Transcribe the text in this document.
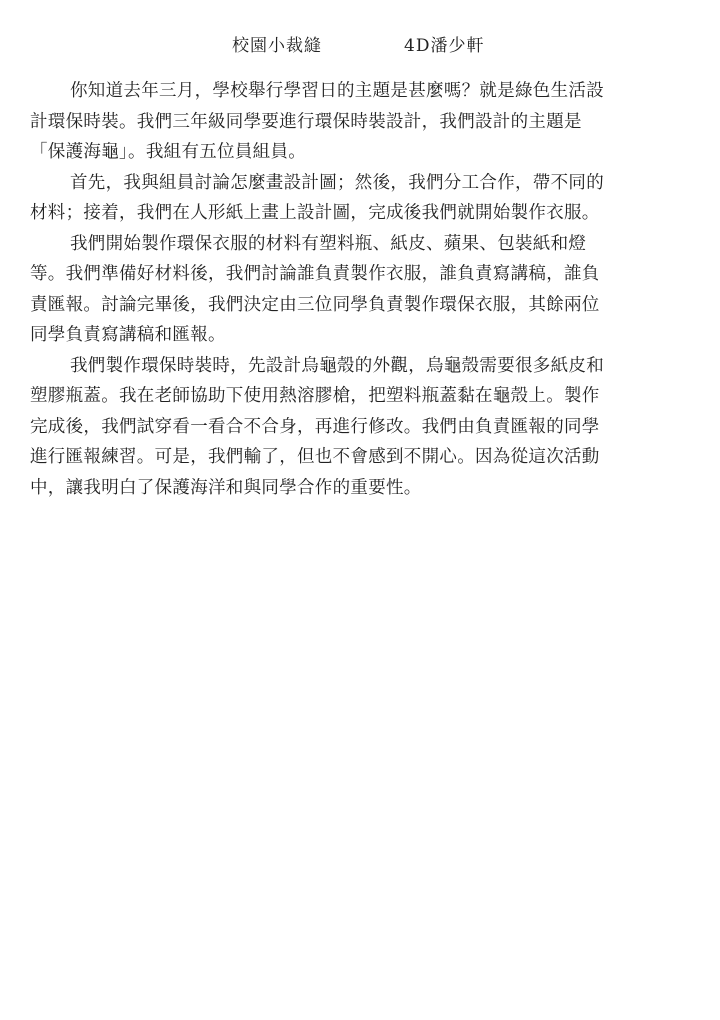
校園小裁縫	4D潘少軒
你知道去年三月，學校舉行學習日的主題是甚麼嗎？就是綠色生活設
計環保時裝。我們三年級同學要進行環保時裝設計，我們設計的主題是
「保護海龜」。我組有五位員組員。
首先，我與組員討論怎麼畫設計圖；然後，我們分工合作，帶不同的
材料；接着，我們在人形紙上畫上設計圖，完成後我們就開始製作衣服。
我們開始製作環保衣服的材料有塑料瓶、紙皮、蘋果、包裝紙和燈
等。我們準備好材料後，我們討論誰負責製作衣服，誰負責寫講稿，誰負
責匯報。討論完畢後，我們決定由三位同學負責製作環保衣服，其餘兩位
同學負責寫講稿和匯報。
我們製作環保時裝時，先設計烏龜殼的外觀，烏龜殼需要很多紙皮和
塑膠瓶蓋。我在老師協助下使用熱溶膠槍，把塑料瓶蓋黏在龜殼上。製作
完成後，我們試穿看一看合不合身，再進行修改。我們由負責匯報的同學
進行匯報練習。可是，我們輸了，但也不會感到不開心。因為從這次活動
中，讓我明白了保護海洋和與同學合作的重要性。
